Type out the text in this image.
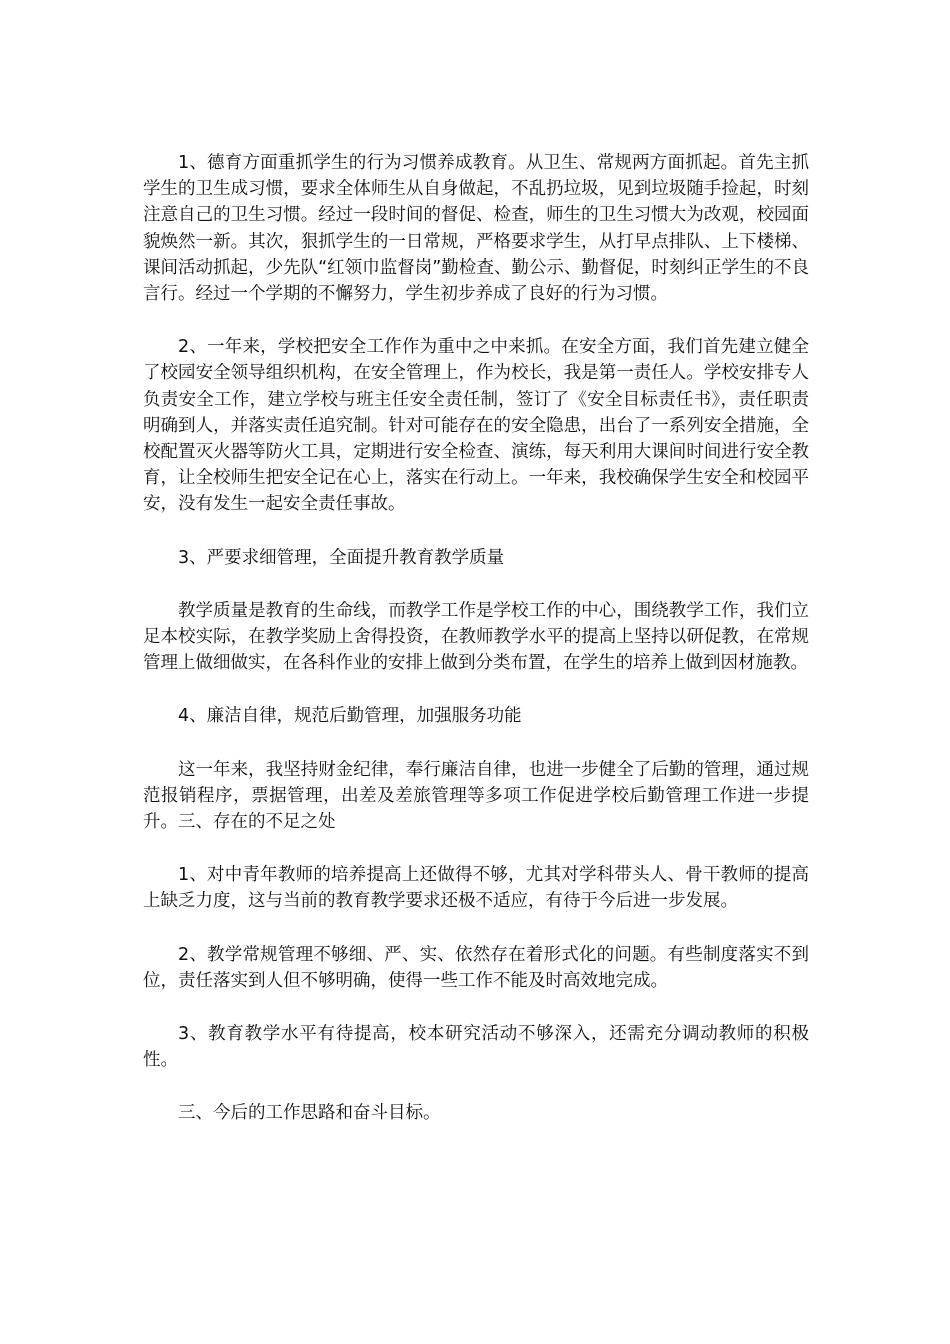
1、德育方面重抓学生的行为习惯养成教育。从卫生、常规两方面抓起。首先主抓学生的卫生成习惯，要求全体师生从自身做起，不乱扔垃圾，见到垃圾随手捡起，时刻注意自己的卫生习惯。经过一段时间的督促、检查，师生的卫生习惯大为改观，校园面貌焕然一新。其次，狠抓学生的一日常规，严格要求学生，从打早点排队、上下楼梯、课间活动抓起，少先队“红领巾监督岗”勤检查、勤公示、勤督促，时刻纠正学生的不良言行。经过一个学期的不懈努力，学生初步养成了良好的行为习惯。

2、一年来，学校把安全工作作为重中之中来抓。在安全方面，我们首先建立健全了校园安全领导组织机构，在安全管理上，作为校长，我是第一责任人。学校安排专人负责安全工作，建立学校与班主任安全责任制，签订了《安全目标责任书》，责任职责明确到人，并落实责任追究制。针对可能存在的安全隐患，出台了一系列安全措施，全校配置灭火器等防火工具，定期进行安全检查、演练，每天利用大课间时间进行安全教育，让全校师生把安全记在心上，落实在行动上。一年来，我校确保学生安全和校园平安，没有发生一起安全责任事故。

3、严要求细管理，全面提升教育教学质量

教学质量是教育的生命线，而教学工作是学校工作的中心，围绕教学工作，我们立足本校实际，在教学奖励上舍得投资，在教师教学水平的提高上坚持以研促教，在常规管理上做细做实，在各科作业的安排上做到分类布置，在学生的培养上做到因材施教。

4、廉洁自律，规范后勤管理，加强服务功能

这一年来，我坚持财金纪律，奉行廉洁自律，也进一步健全了后勤的管理，通过规范报销程序，票据管理，出差及差旅管理等多项工作促进学校后勤管理工作进一步提升。三、存在的不足之处

1、对中青年教师的培养提高上还做得不够，尤其对学科带头人、骨干教师的提高上缺乏力度，这与当前的教育教学要求还极不适应，有待于今后进一步发展。

2、教学常规管理不够细、严、实、依然存在着形式化的问题。有些制度落实不到位，责任落实到人但不够明确，使得一些工作不能及时高效地完成。

3、教育教学水平有待提高，校本研究活动不够深入，还需充分调动教师的积极性。

三、今后的工作思路和奋斗目标。
